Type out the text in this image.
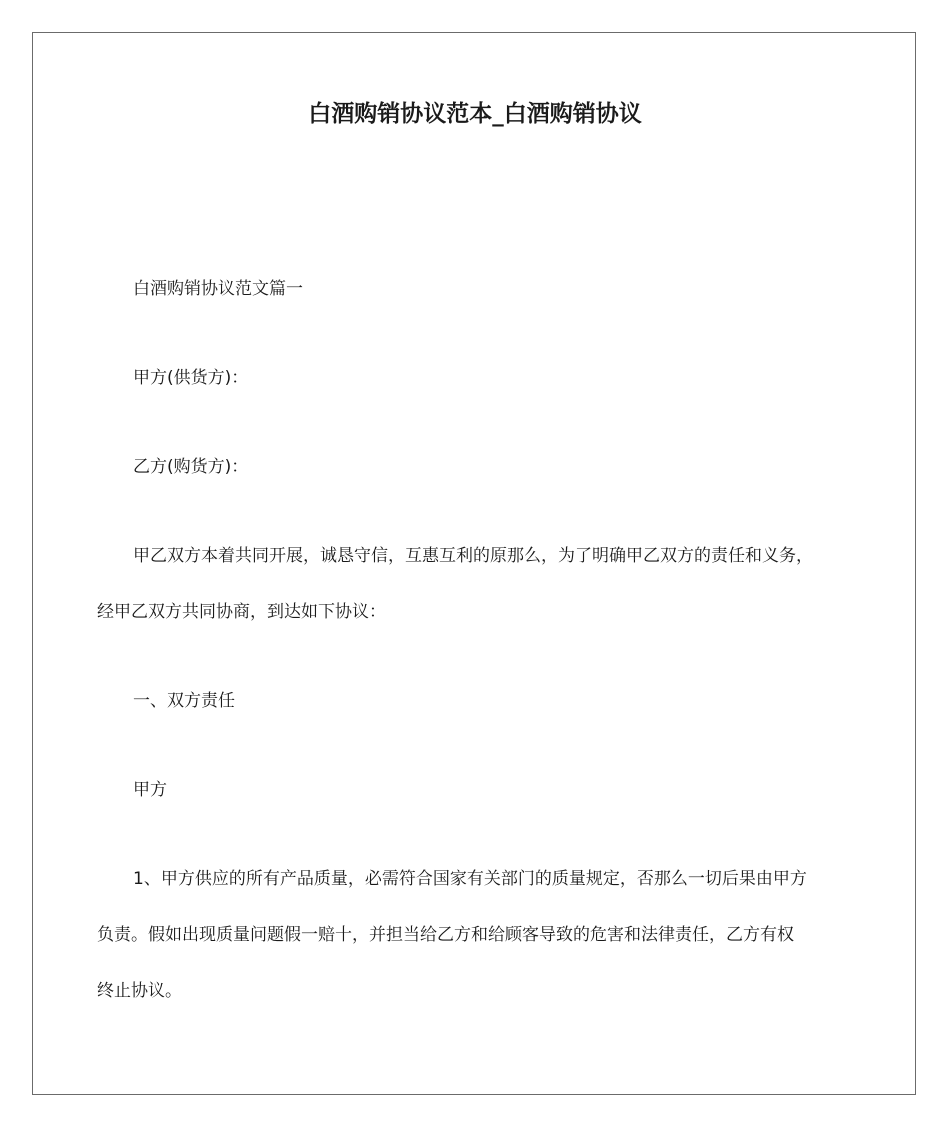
白酒购销协议范本_白酒购销协议
白酒购销协议范文篇一
甲方(供货方)：
乙方(购货方)：
甲乙双方本着共同开展，诚恳守信，互惠互利的原那么，为了明确甲乙双方的责任和义务，
经甲乙双方共同协商，到达如下协议：
一、双方责任
甲方
1、甲方供应的所有产品质量，必需符合国家有关部门的质量规定，否那么一切后果由甲方
负责。假如出现质量问题假一赔十，并担当给乙方和给顾客导致的危害和法律责任，乙方有权
终止协议。
